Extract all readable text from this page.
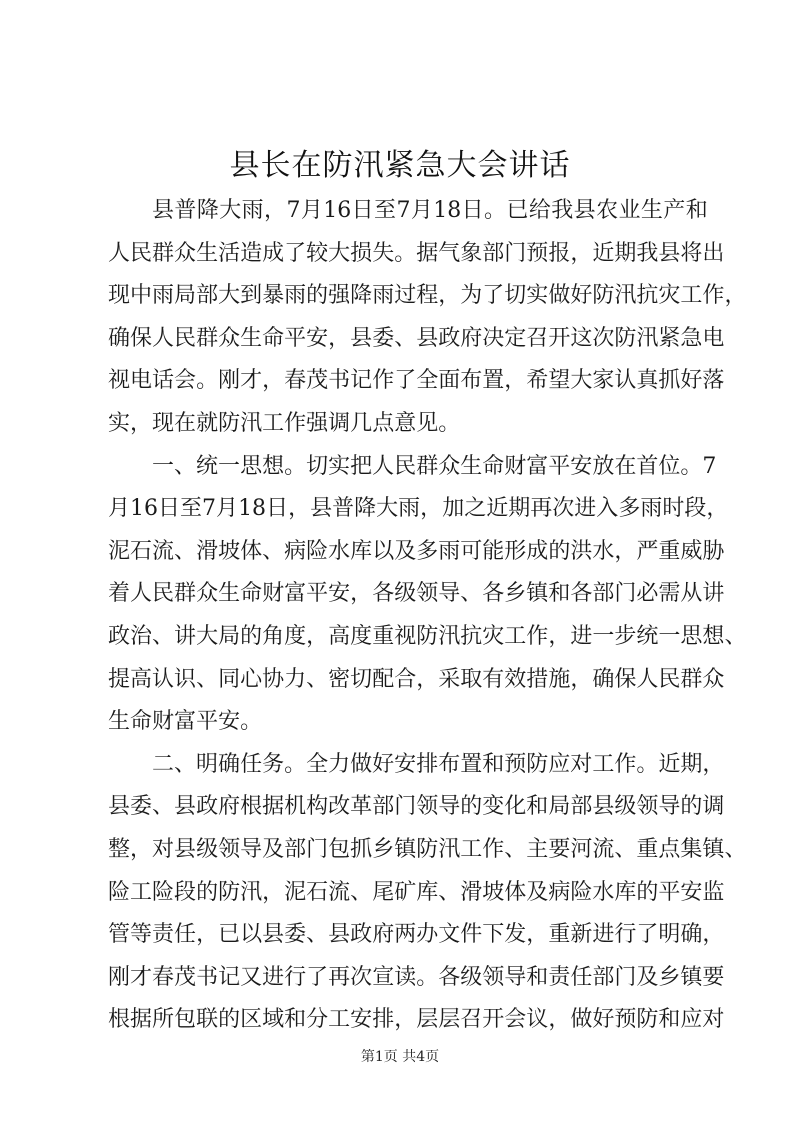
县长在防汛紧急大会讲话
县 普 降 大 雨 ， 7 月 16 日 至 7 月 18 日 。 已 给 我 县 农 业 生 产 和
人 民 群 众 生 活 造 成 了 较 大 损 失 。 据 气 象 部 门 预 报 ， 近 期 我 县 将 出
现 中 雨 局 部 大 到 暴 雨 的 强 降 雨 过 程 ， 为 了 切 实 做 好 防 汛 抗 灾 工 作 ，
确 保 人 民 群 众 生 命 平 安 ， 县 委 、 县 政 府 决 定 召 开 这 次 防 汛 紧 急 电
视 电 话 会 。 刚 才 ， 春 茂 书 记 作 了 全 面 布 置 ， 希 望 大 家 认 真 抓 好 落
实 ， 现 在 就 防 汛 工 作 强 调 几 点 意 见 。
一 、 统 一 思 想 。 切 实 把 人 民 群 众 生 命 财 富 平 安 放 在 首 位 。 7
月 16 日 至 7 月 18 日 ， 县 普 降 大 雨 ， 加 之 近 期 再 次 进 入 多 雨 时 段 ，
泥 石 流 、 滑 坡 体 、 病 险 水 库 以 及 多 雨 可 能 形 成 的 洪 水 ， 严 重 威 胁
着 人 民 群 众 生 命 财 富 平 安 ， 各 级 领 导 、 各 乡 镇 和 各 部 门 必 需 从 讲
政 治 、 讲 大 局 的 角 度 ， 高 度 重 视 防 汛 抗 灾 工 作 ， 进 一 步 统 一 思 想 、
提 高 认 识 、 同 心 协 力 、 密 切 配 合 ， 采 取 有 效 措 施 ， 确 保 人 民 群 众
生 命 财 富 平 安 。
二 、 明 确 任 务 。 全 力 做 好 安 排 布 置 和 预 防 应 对 工 作 。 近 期 ，
县 委 、 县 政 府 根 据 机 构 改 革 部 门 领 导 的 变 化 和 局 部 县 级 领 导 的 调
整 ， 对 县 级 领 导 及 部 门 包 抓 乡 镇 防 汛 工 作 、 主 要 河 流 、 重 点 集 镇 、
险 工 险 段 的 防 汛 ， 泥 石 流 、 尾 矿 库 、 滑 坡 体 及 病 险 水 库 的 平 安 监
管 等 责 任 ， 已 以 县 委 、 县 政 府 两 办 文 件 下 发 ， 重 新 进 行 了 明 确 ，
刚 才 春 茂 书 记 又 进 行 了 再 次 宣 读 。 各 级 领 导 和 责 任 部 门 及 乡 镇 要
根 据 所 包 联 的 区 域 和 分 工 安 排 ， 层 层 召 开 会 议 ， 做 好 预 防 和 应 对
第1页 共4页
